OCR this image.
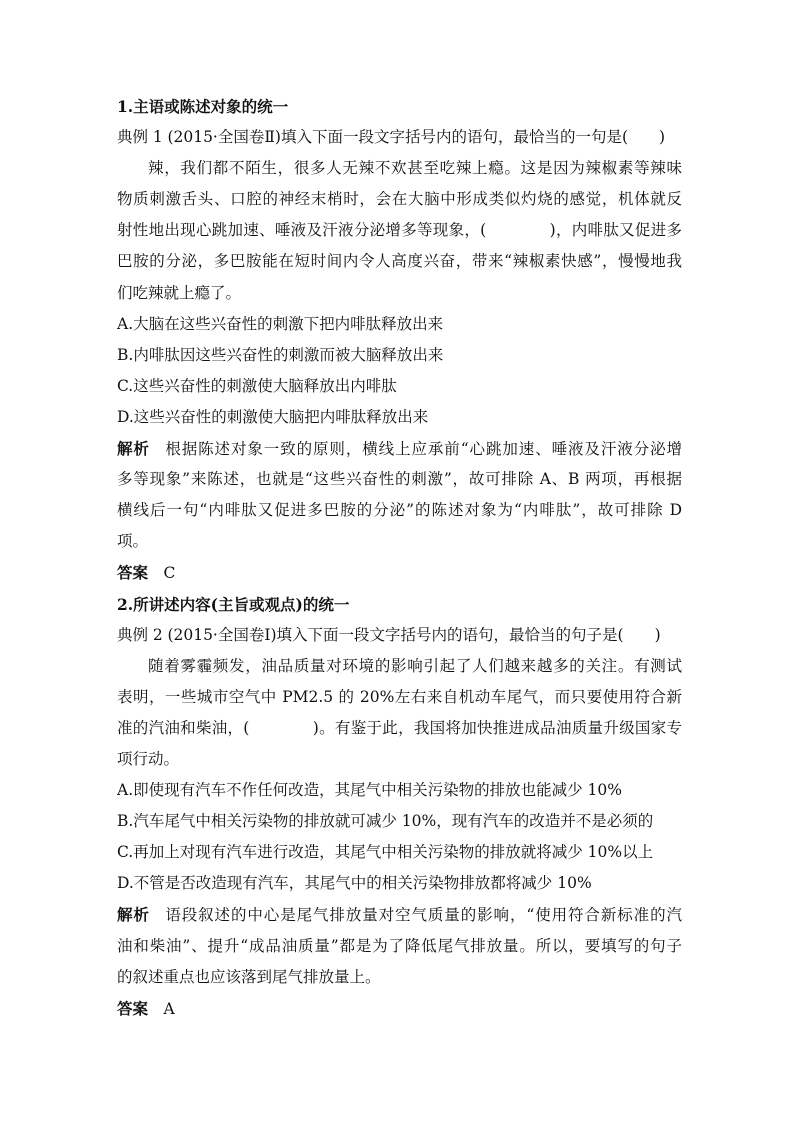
1.主语或陈述对象的统一
典例 1 (2015·全国卷Ⅱ)填入下面一段文字括号内的语句，最恰当的一句是(　　)
辣，我们都不陌生，很多人无辣不欢甚至吃辣上瘾。这是因为辣椒素等辣味
物质刺激舌头、口腔的神经末梢时，会在大脑中形成类似灼烧的感觉，机体就反
射性地出现心跳加速、唾液及汗液分泌增多等现象，(　　　　)，内啡肽又促进多
巴胺的分泌，多巴胺能在短时间内令人高度兴奋，带来“辣椒素快感”，慢慢地我
们吃辣就上瘾了。
A.大脑在这些兴奋性的刺激下把内啡肽释放出来
B.内啡肽因这些兴奋性的刺激而被大脑释放出来
C.这些兴奋性的刺激使大脑释放出内啡肽
D.这些兴奋性的刺激使大脑把内啡肽释放出来
解析 根据陈述对象一致的原则，横线上应承前“心跳加速、唾液及汗液分泌增
多等现象”来陈述，也就是“这些兴奋性的刺激”，故可排除 A、B 两项，再根据
横线后一句“内啡肽又促进多巴胺的分泌”的陈述对象为“内啡肽”，故可排除 D
项。
答案 C
2.所讲述内容(主旨或观点)的统一
典例 2 (2015·全国卷Ⅰ)填入下面一段文字括号内的语句，最恰当的句子是(　　)
随着雾霾频发，油品质量对环境的影响引起了人们越来越多的关注。有测试
表明，一些城市空气中 PM2.5 的 20%左右来自机动车尾气，而只要使用符合新
准的汽油和柴油，(　　　　)。有鉴于此，我国将加快推进成品油质量升级国家专
项行动。
A.即使现有汽车不作任何改造，其尾气中相关污染物的排放也能减少 10%
B.汽车尾气中相关污染物的排放就可减少 10%，现有汽车的改造并不是必须的
C.再加上对现有汽车进行改造，其尾气中相关污染物的排放就将减少 10%以上
D.不管是否改造现有汽车，其尾气中的相关污染物排放都将减少 10%
解析 语段叙述的中心是尾气排放量对空气质量的影响，“使用符合新标准的汽
油和柴油”、提升“成品油质量”都是为了降低尾气排放量。所以，要填写的句子
的叙述重点也应该落到尾气排放量上。
答案 A
